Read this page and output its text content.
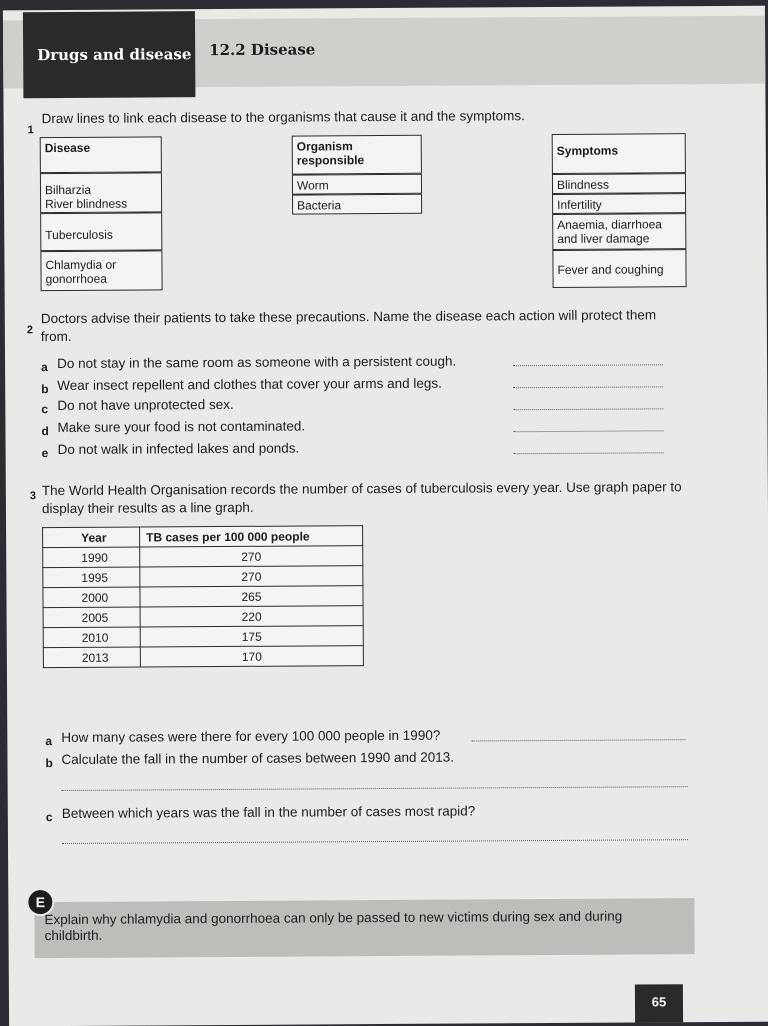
Drugs and disease 12.2 Disease
1
Draw lines to link each disease to the organisms that cause it and the symptoms.
Disease
Bilharzia
River blindness
Tuberculosis
Chlamydia or gonorrhoea
Organism responsible
Worm
Bacteria
Symptoms
Blindness
Infertility
Anaemia, diarrhoea and liver damage
Fever and coughing
2
Doctors advise their patients to take these precautions. Name the disease each action will protect them from.
a Do not stay in the same room as someone with a persistent cough.
b Wear insect repellent and clothes that cover your arms and legs.
c Do not have unprotected sex.
d Make sure your food is not contaminated.
e Do not walk in infected lakes and ponds.
3 The World Health Organisation records the number of cases of tuberculosis every year. Use graph paper to display their results as a line graph.
Year	TB cases per 100 000 people
1990	270
1995	270
2000	265
2005	220
2010	175
2013	170
a How many cases were there for every 100 000 people in 1990?
b Calculate the fall in the number of cases between 1990 and 2013.
c Between which years was the fall in the number of cases most rapid?
E
Explain why chlamydia and gonorrhoea can only be passed to new victims during sex and during childbirth.
65
